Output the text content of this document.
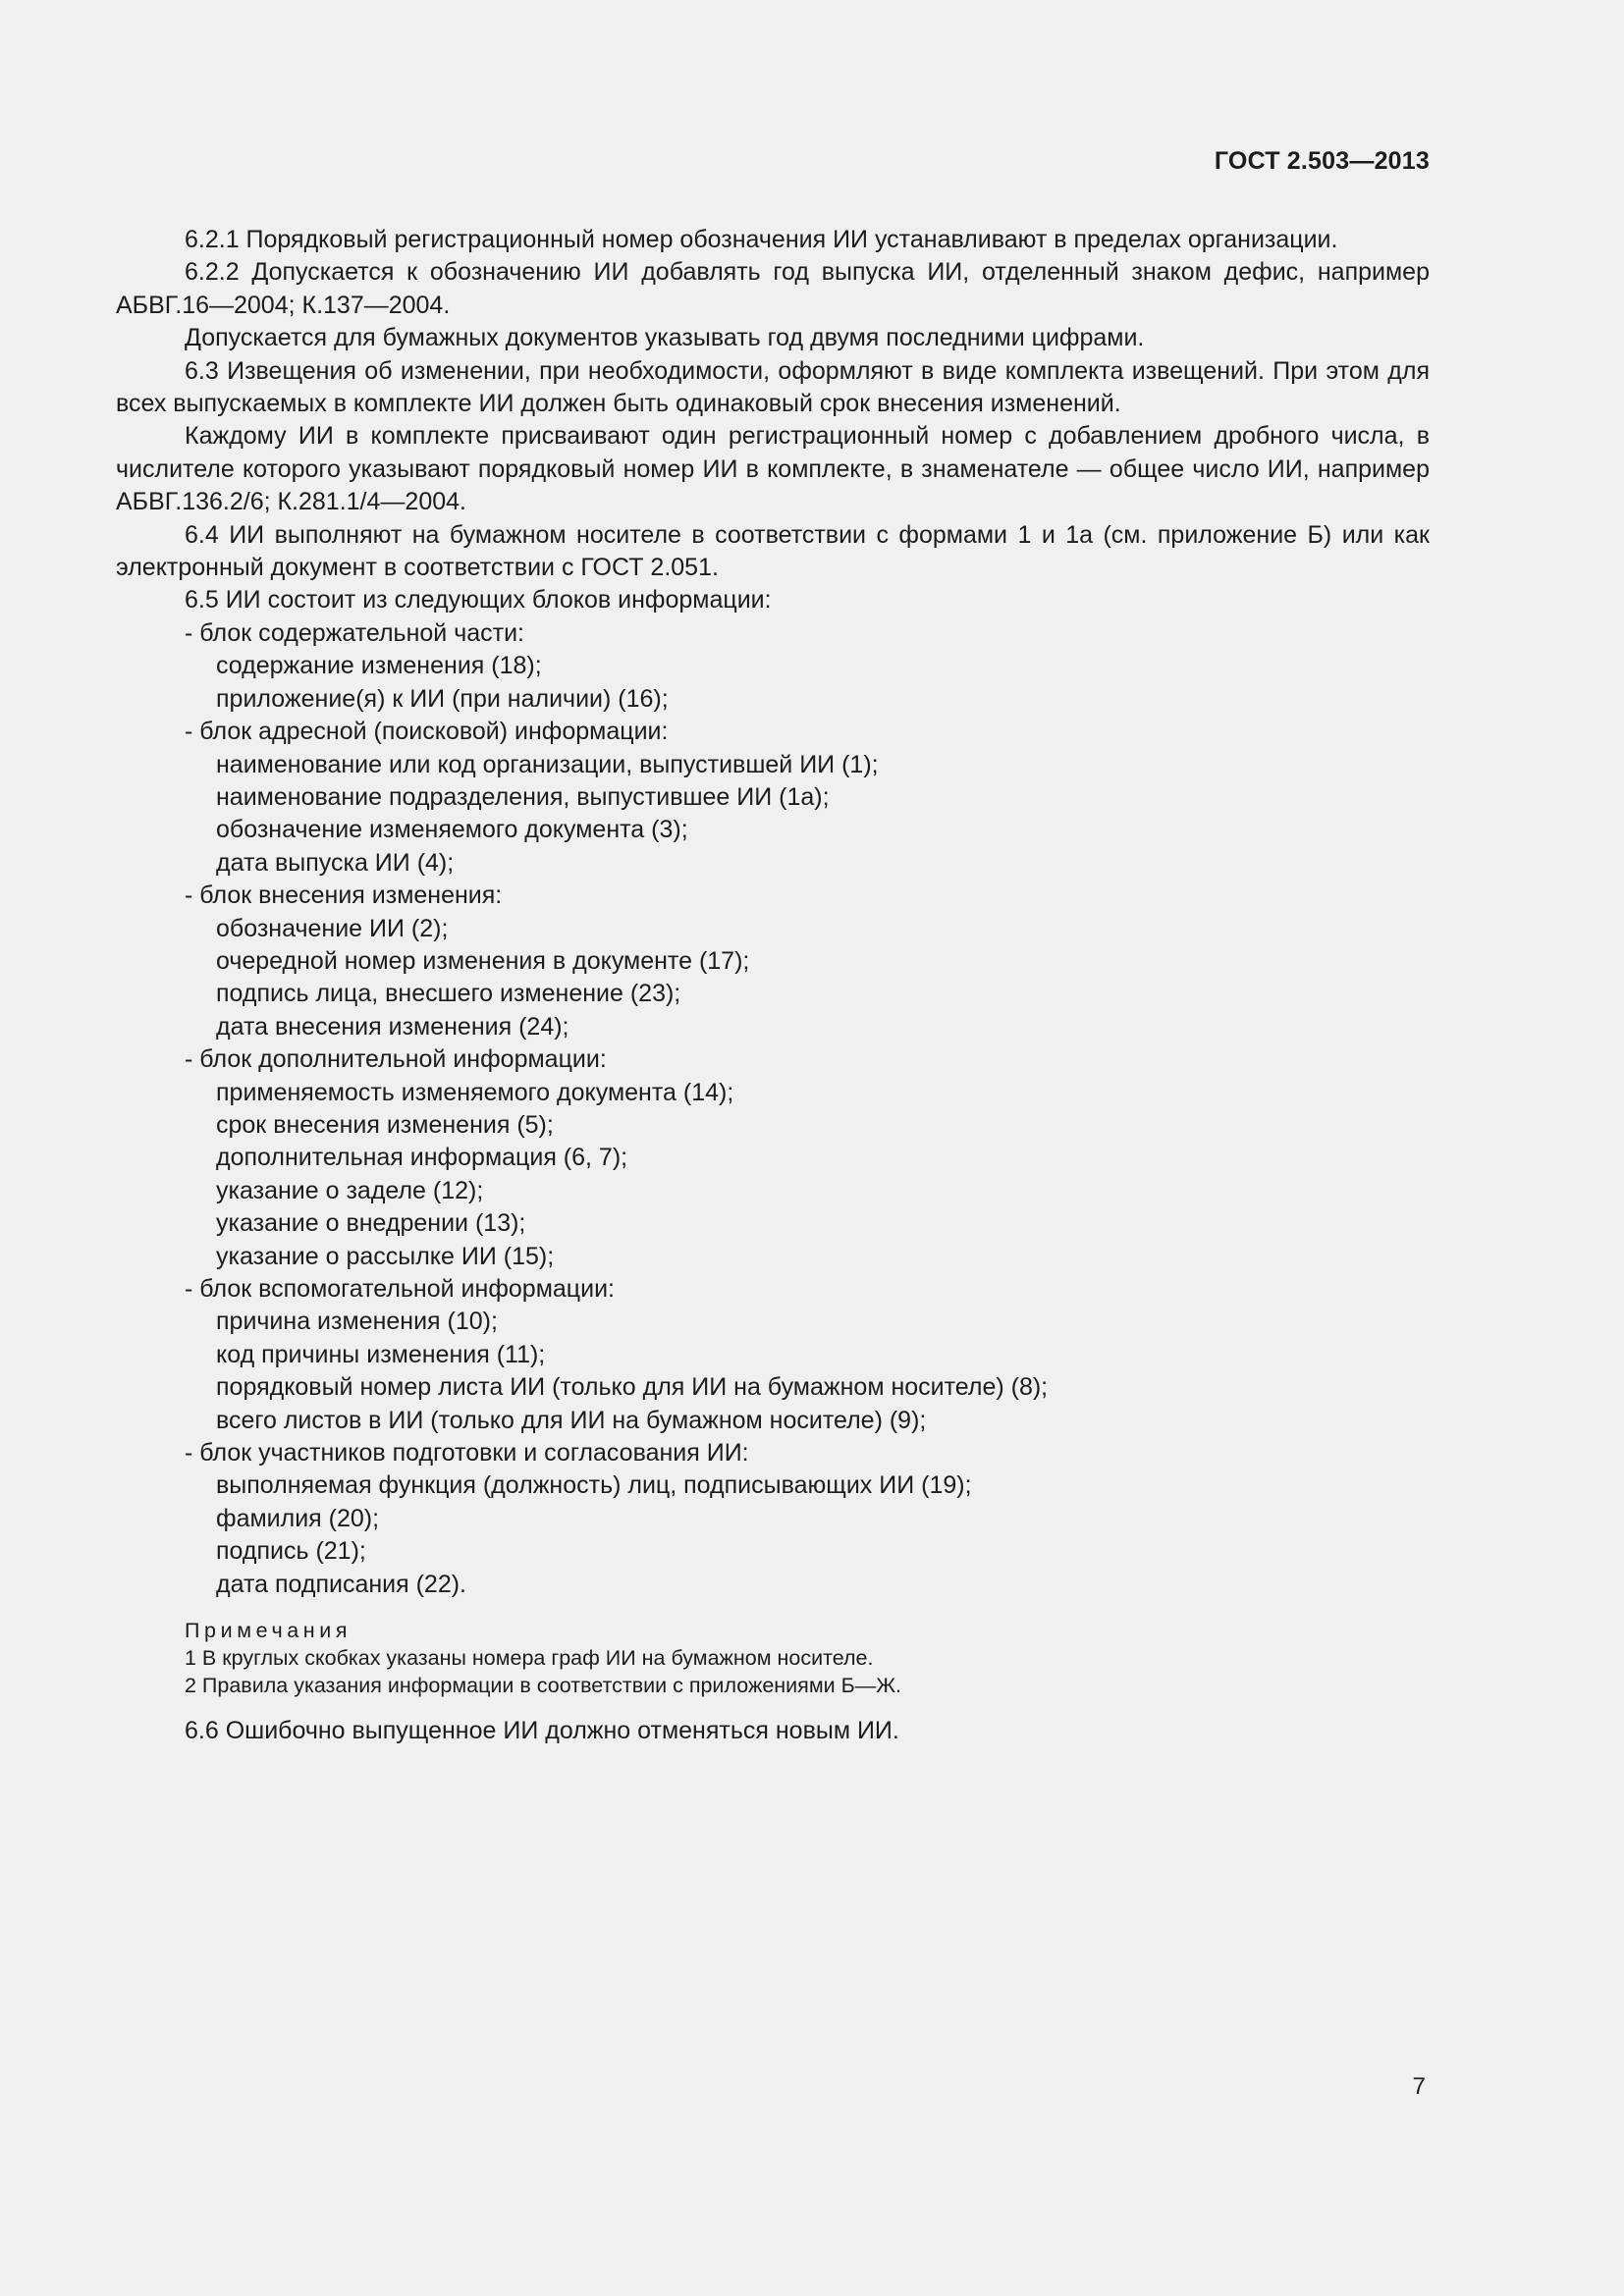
ГОСТ 2.503—2013

6.2.1 Порядковый регистрационный номер обозначения ИИ устанавливают в пределах организации.

6.2.2 Допускается к обозначению ИИ добавлять год выпуска ИИ, отделенный знаком дефис, например АБВГ.16—2004; К.137—2004.

Допускается для бумажных документов указывать год двумя последними цифрами.

6.3 Извещения об изменении, при необходимости, оформляют в виде комплекта извещений. При этом для всех выпускаемых в комплекте ИИ должен быть одинаковый срок внесения изменений.

Каждому ИИ в комплекте присваивают один регистрационный номер с добавлением дробного числа, в числителе которого указывают порядковый номер ИИ в комплекте, в знаменателе — общее число ИИ, например АБВГ.136.2/6; К.281.1/4—2004.

6.4 ИИ выполняют на бумажном носителе в соответствии с формами 1 и 1а (см. приложение Б) или как электронный документ в соответствии с ГОСТ 2.051.

6.5 ИИ состоит из следующих блоков информации:

- блок содержательной части:

содержание изменения (18);

приложение(я) к ИИ (при наличии) (16);

- блок адресной (поисковой) информации:

наименование или код организации, выпустившей ИИ (1);

наименование подразделения, выпустившее ИИ (1а);

обозначение изменяемого документа (3);

дата выпуска ИИ (4);

- блок внесения изменения:

обозначение ИИ (2);

очередной номер изменения в документе (17);

подпись лица, внесшего изменение (23);

дата внесения изменения (24);

- блок дополнительной информации:

применяемость изменяемого документа (14);

срок внесения изменения (5);

дополнительная информация (6, 7);

указание о заделе (12);

указание о внедрении (13);

указание о рассылке ИИ (15);

- блок вспомогательной информации:

причина изменения (10);

код причины изменения (11);

порядковый номер листа ИИ (только для ИИ на бумажном носителе) (8);

всего листов в ИИ (только для ИИ на бумажном носителе) (9);

- блок участников подготовки и согласования ИИ:

выполняемая функция (должность) лиц, подписывающих ИИ (19);

фамилия (20);

подпись (21);

дата подписания (22).

Примечания

1 В круглых скобках указаны номера граф ИИ на бумажном носителе.

2 Правила указания информации в соответствии с приложениями Б—Ж.

6.6 Ошибочно выпущенное ИИ должно отменяться новым ИИ.

7
